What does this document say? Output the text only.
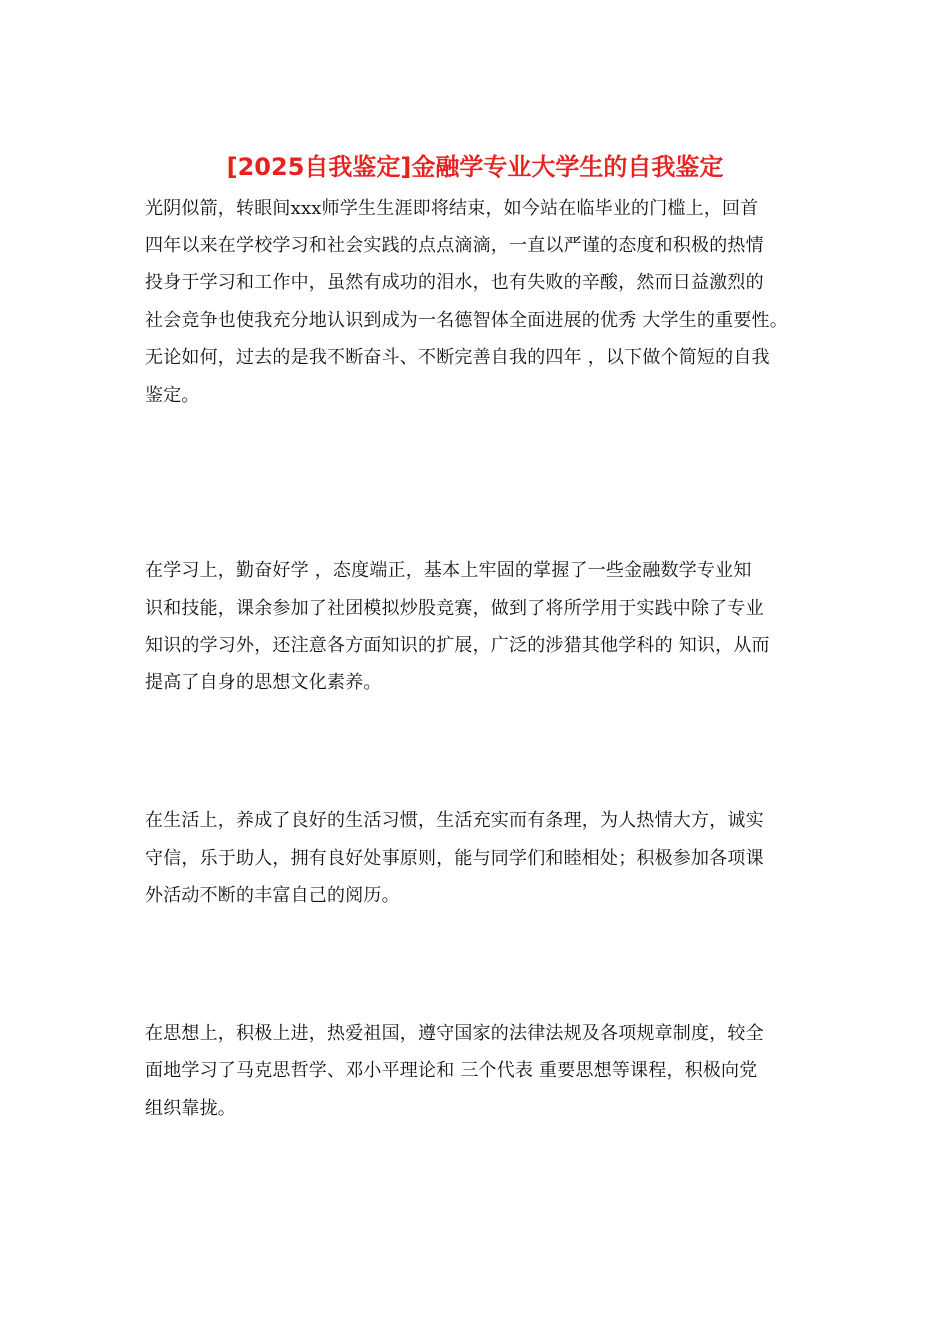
[2025自我鉴定]金融学专业大学生的自我鉴定
光阴似箭，转眼间xxx师学生生涯即将结束，如今站在临毕业的门槛上，回首
四年以来在学校学习和社会实践的点点滴滴，一直以严谨的态度和积极的热情
投身于学习和工作中，虽然有成功的泪水，也有失败的辛酸，然而日益激烈的
社会竞争也使我充分地认识到成为一名德智体全面进展的优秀 大学生的重要性。
无论如何，过去的是我不断奋斗、不断完善自我的四年 ，以下做个简短的自我
鉴定。
在学习上，勤奋好学 ，态度端正，基本上牢固的掌握了一些金融数学专业知
识和技能，课余参加了社团模拟炒股竞赛，做到了将所学用于实践中除了专业
知识的学习外，还注意各方面知识的扩展，广泛的涉猎其他学科的 知识，从而
提高了自身的思想文化素养。
在生活上，养成了良好的生活习惯，生活充实而有条理，为人热情大方，诚实
守信，乐于助人，拥有良好处事原则，能与同学们和睦相处；积极参加各项课
外活动不断的丰富自己的阅历。
在思想上，积极上进，热爱祖国，遵守国家的法律法规及各项规章制度，较全
面地学习了马克思哲学、邓小平理论和 三个代表 重要思想等课程，积极向党
组织靠拢。
